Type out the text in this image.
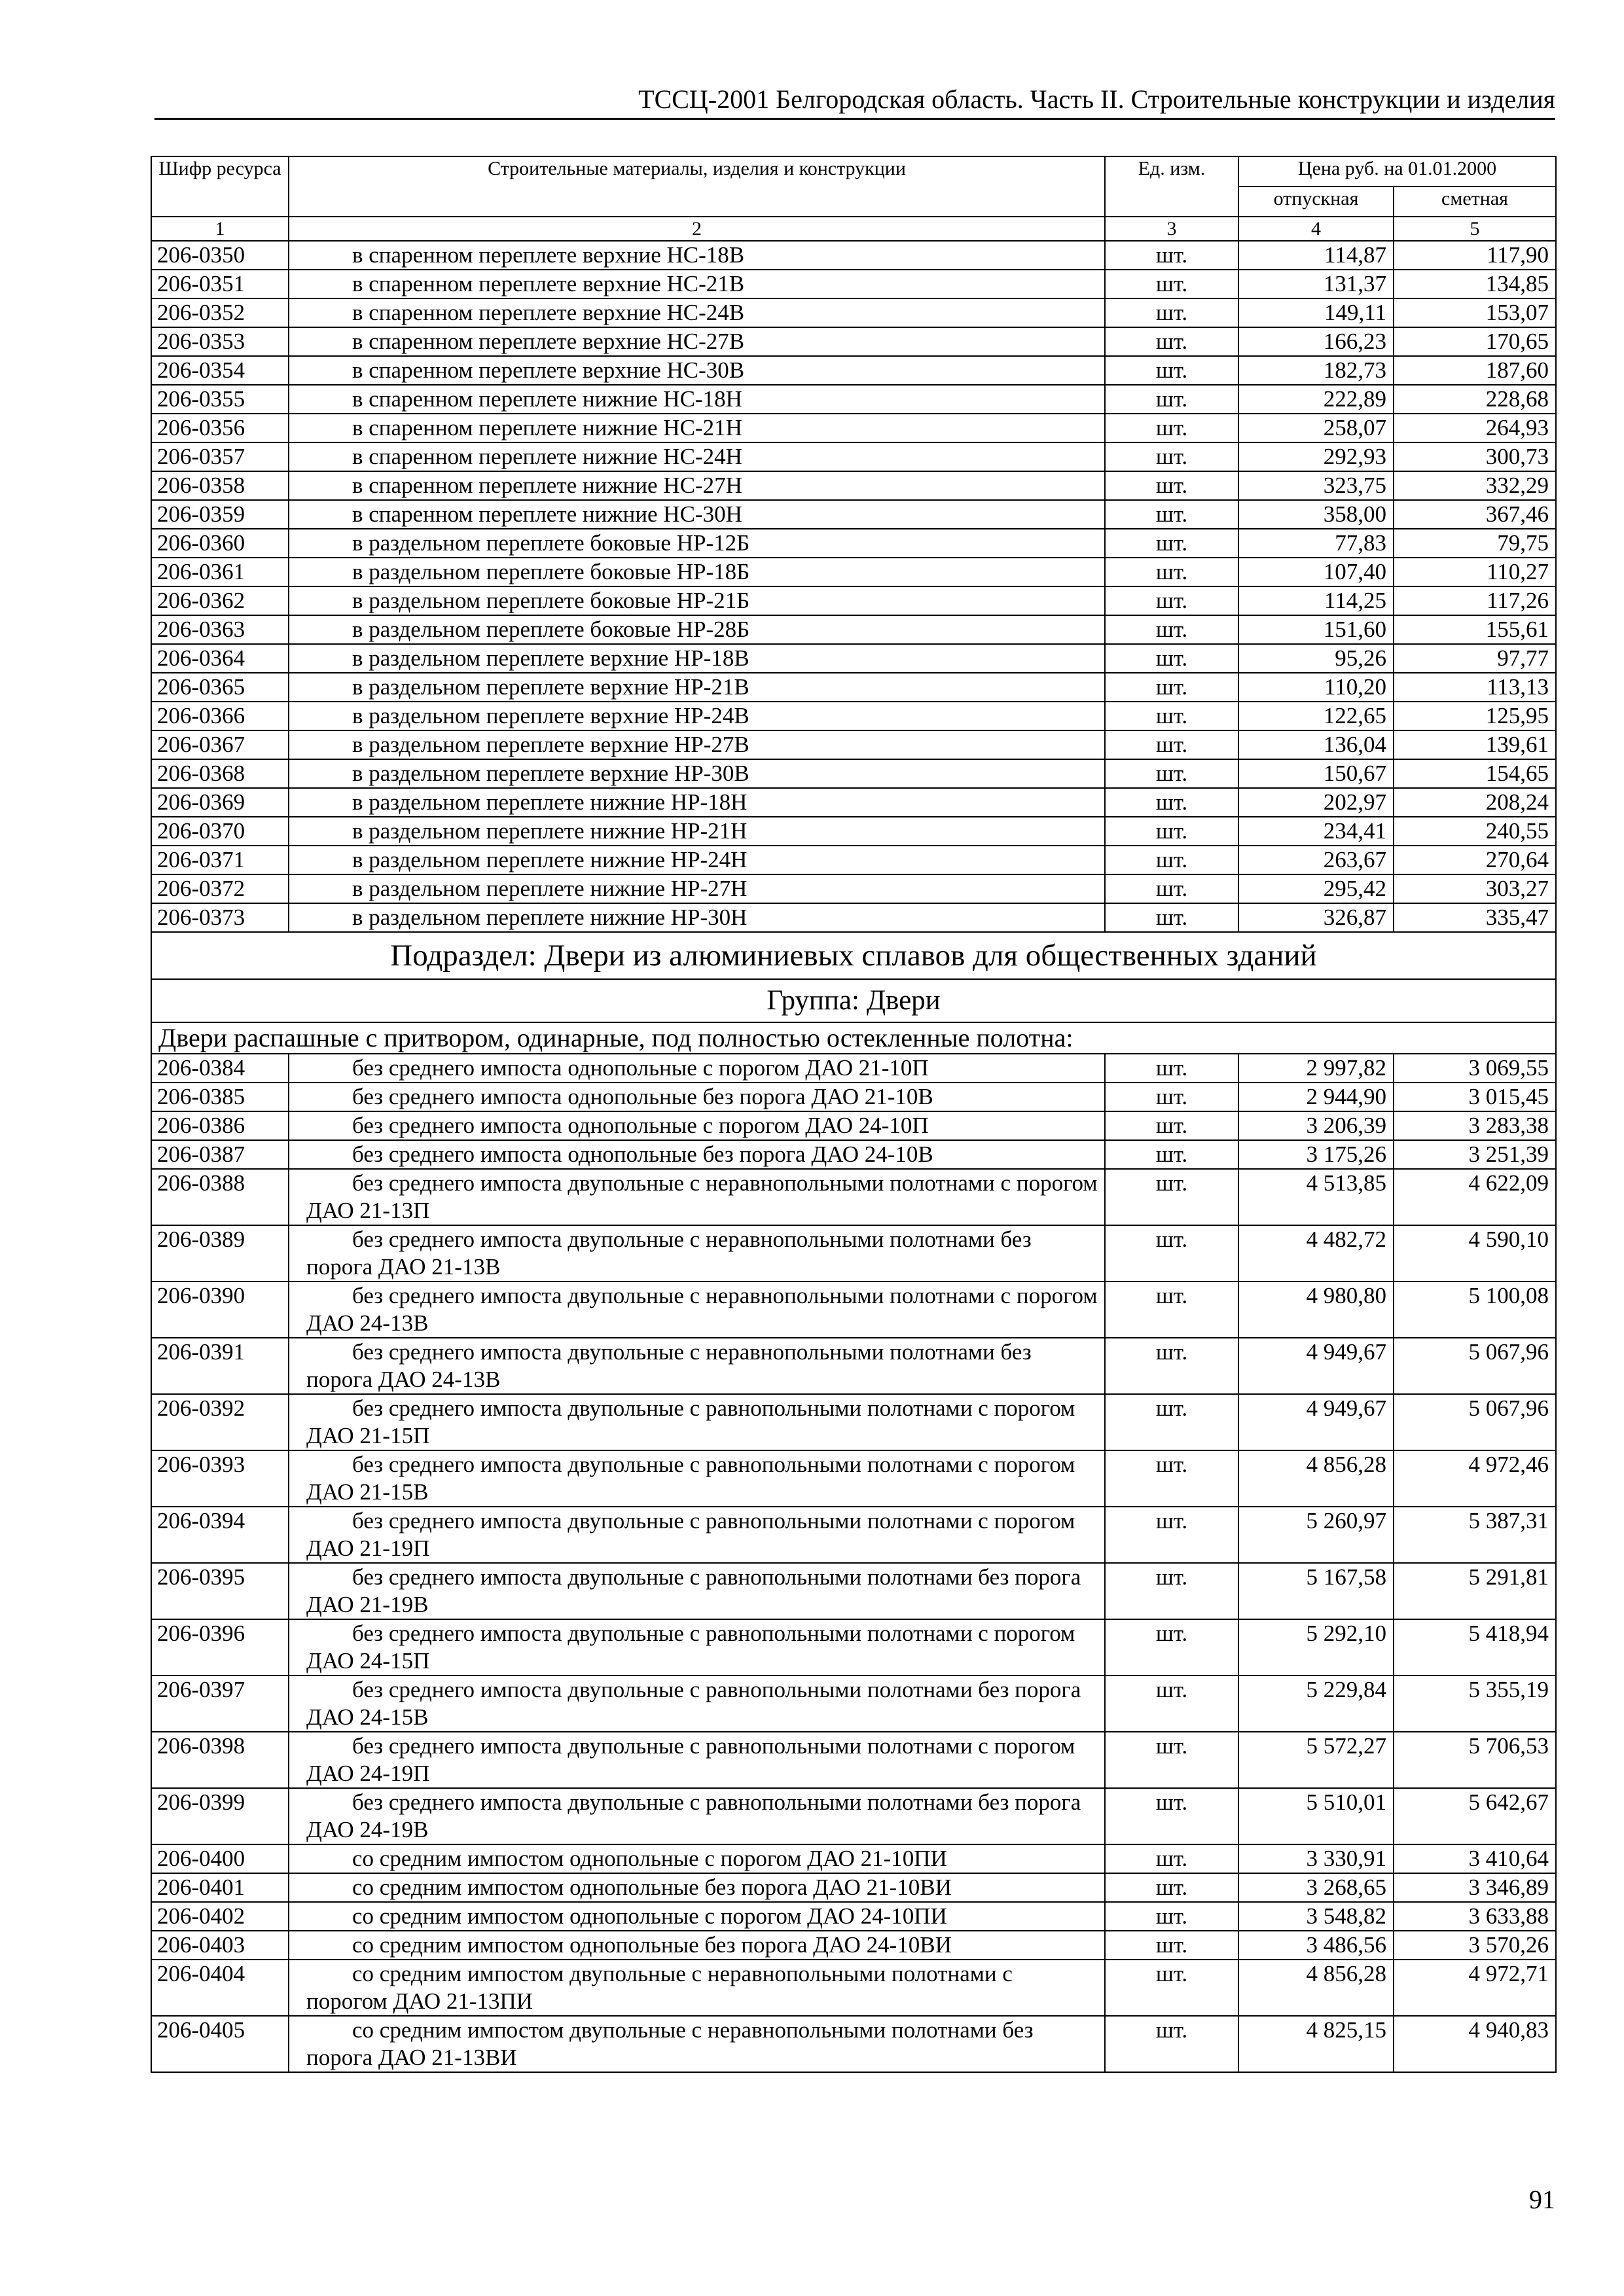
ТССЦ-2001 Белгородская область. Часть II. Строительные конструкции и изделия
Шифр ресурса	Строительные материалы, изделия и конструкции	Ед. изм.	Цена руб. на 01.01.2000	
			отпускная	сметная
1	2	3	4	5
206-0350	в спаренном переплете верхние НС-18В	шт.	114,87	117,90
206-0351	в спаренном переплете верхние НС-21В	шт.	131,37	134,85
206-0352	в спаренном переплете верхние НС-24В	шт.	149,11	153,07
206-0353	в спаренном переплете верхние НС-27В	шт.	166,23	170,65
206-0354	в спаренном переплете верхние НС-30В	шт.	182,73	187,60
206-0355	в спаренном переплете нижние НС-18Н	шт.	222,89	228,68
206-0356	в спаренном переплете нижние НС-21Н	шт.	258,07	264,93
206-0357	в спаренном переплете нижние НС-24Н	шт.	292,93	300,73
206-0358	в спаренном переплете нижние НС-27Н	шт.	323,75	332,29
206-0359	в спаренном переплете нижние НС-30Н	шт.	358,00	367,46
206-0360	в раздельном переплете боковые НР-12Б	шт.	77,83	79,75
206-0361	в раздельном переплете боковые НР-18Б	шт.	107,40	110,27
206-0362	в раздельном переплете боковые НР-21Б	шт.	114,25	117,26
206-0363	в раздельном переплете боковые НР-28Б	шт.	151,60	155,61
206-0364	в раздельном переплете верхние НР-18В	шт.	95,26	97,77
206-0365	в раздельном переплете верхние НР-21В	шт.	110,20	113,13
206-0366	в раздельном переплете верхние НР-24В	шт.	122,65	125,95
206-0367	в раздельном переплете верхние НР-27В	шт.	136,04	139,61
206-0368	в раздельном переплете верхние НР-30В	шт.	150,67	154,65
206-0369	в раздельном переплете нижние НР-18Н	шт.	202,97	208,24
206-0370	в раздельном переплете нижние НР-21Н	шт.	234,41	240,55
206-0371	в раздельном переплете нижние НР-24Н	шт.	263,67	270,64
206-0372	в раздельном переплете нижние НР-27Н	шт.	295,42	303,27
206-0373	в раздельном переплете нижние НР-30Н	шт.	326,87	335,47
Подраздел: Двери из алюминиевых сплавов для общественных зданий				
Группа: Двери				
Двери распашные с притвором, одинарные, под полностью остекленные полотна:				
206-0384	без среднего импоста однопольные с порогом ДАО 21-10П	шт.	2 997,82	3 069,55
206-0385	без среднего импоста однопольные без порога ДАО 21-10В	шт.	2 944,90	3 015,45
206-0386	без среднего импоста однопольные с порогом ДАО 24-10П	шт.	3 206,39	3 283,38
206-0387	без среднего импоста однопольные без порога ДАО 24-10В	шт.	3 175,26	3 251,39
206-0388	без среднего импоста двупольные с неравнопольными полотнами с порогом ДАО 21-13П	шт.	4 513,85	4 622,09
206-0389	без среднего импоста двупольные с неравнопольными полотнами без порога ДАО 21-13В	шт.	4 482,72	4 590,10
206-0390	без среднего импоста двупольные с неравнопольными полотнами с порогом ДАО 24-13В	шт.	4 980,80	5 100,08
206-0391	без среднего импоста двупольные с неравнопольными полотнами без порога ДАО 24-13В	шт.	4 949,67	5 067,96
206-0392	без среднего импоста двупольные с равнопольными полотнами с порогом ДАО 21-15П	шт.	4 949,67	5 067,96
206-0393	без среднего импоста двупольные с равнопольными полотнами с порогом ДАО 21-15В	шт.	4 856,28	4 972,46
206-0394	без среднего импоста двупольные с равнопольными полотнами с порогом ДАО 21-19П	шт.	5 260,97	5 387,31
206-0395	без среднего импоста двупольные с равнопольными полотнами без порога ДАО 21-19В	шт.	5 167,58	5 291,81
206-0396	без среднего импоста двупольные с равнопольными полотнами с порогом ДАО 24-15П	шт.	5 292,10	5 418,94
206-0397	без среднего импоста двупольные с равнопольными полотнами без порога ДАО 24-15В	шт.	5 229,84	5 355,19
206-0398	без среднего импоста двупольные с равнопольными полотнами с порогом ДАО 24-19П	шт.	5 572,27	5 706,53
206-0399	без среднего импоста двупольные с равнопольными полотнами без порога ДАО 24-19В	шт.	5 510,01	5 642,67
206-0400	со средним импостом однопольные с порогом ДАО 21-10ПИ	шт.	3 330,91	3 410,64
206-0401	со средним импостом однопольные без порога ДАО 21-10ВИ	шт.	3 268,65	3 346,89
206-0402	со средним импостом однопольные с порогом ДАО 24-10ПИ	шт.	3 548,82	3 633,88
206-0403	со средним импостом однопольные без порога ДАО 24-10ВИ	шт.	3 486,56	3 570,26
206-0404	со средним импостом двупольные с неравнопольными полотнами с порогом ДАО 21-13ПИ	шт.	4 856,28	4 972,71
206-0405	со средним импостом двупольные с неравнопольными полотнами без порога ДАО 21-13ВИ	шт.	4 825,15	4 940,83
91
